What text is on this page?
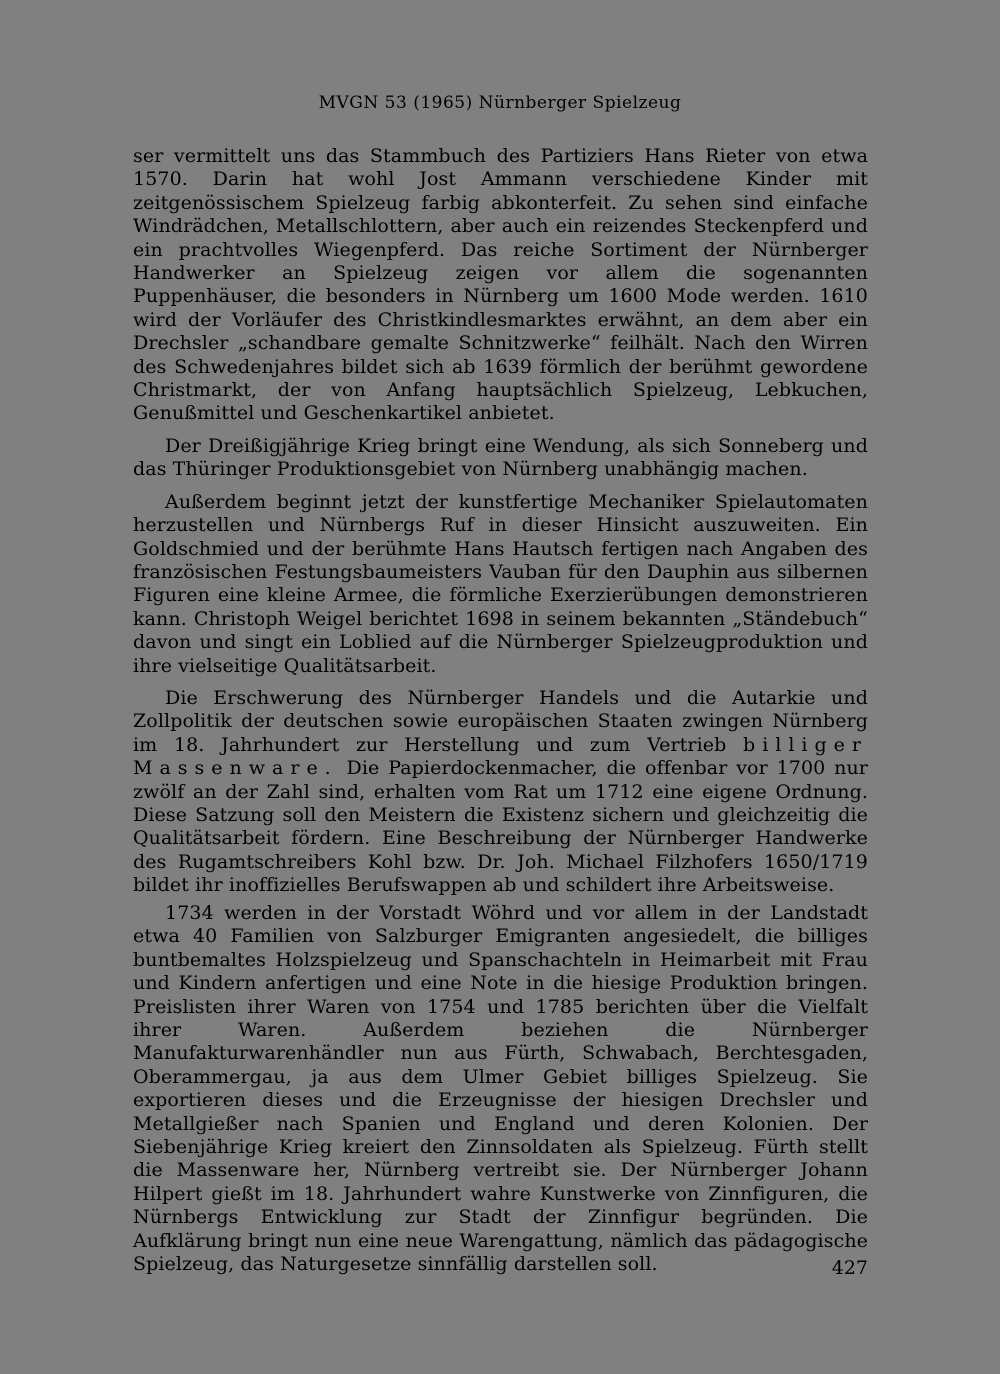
MVGN 53 (1965) Nürnberger Spielzeug

ser vermittelt uns das Stammbuch des Partiziers Hans Rieter von etwa 1570. Darin hat wohl Jost Ammann verschiedene Kinder mit zeitgenössischem Spielzeug farbig abkonterfeit. Zu sehen sind einfache Windrädchen, Metallschlottern, aber auch ein reizendes Steckenpferd und ein prachtvolles Wiegenpferd. Das reiche Sortiment der Nürnberger Handwerker an Spielzeug zeigen vor allem die sogenannten Puppenhäuser, die besonders in Nürnberg um 1600 Mode werden. 1610 wird der Vorläufer des Christkindlesmarktes erwähnt, an dem aber ein Drechsler „schandbare gemalte Schnitzwerke“ feilhält. Nach den Wirren des Schwedenjahres bildet sich ab 1639 förmlich der berühmt gewordene Christmarkt, der von Anfang hauptsächlich Spielzeug, Lebkuchen, Genußmittel und Geschenkartikel anbietet.

Der Dreißigjährige Krieg bringt eine Wendung, als sich Sonneberg und das Thüringer Produktionsgebiet von Nürnberg unabhängig machen.

Außerdem beginnt jetzt der kunstfertige Mechaniker Spielautomaten herzustellen und Nürnbergs Ruf in dieser Hinsicht auszuweiten. Ein Goldschmied und der berühmte Hans Hautsch fertigen nach Angaben des französischen Festungsbaumeisters Vauban für den Dauphin aus silbernen Figuren eine kleine Armee, die förmliche Exerzierübungen demonstrieren kann. Christoph Weigel berichtet 1698 in seinem bekannten „Ständebuch“ davon und singt ein Loblied auf die Nürnberger Spielzeugproduktion und ihre vielseitige Qualitätsarbeit.

Die Erschwerung des Nürnberger Handels und die Autarkie und Zollpolitik der deutschen sowie europäischen Staaten zwingen Nürnberg im 18. Jahrhundert zur Herstellung und zum Vertrieb billiger Massenware. Die Papierdockenmacher, die offenbar vor 1700 nur zwölf an der Zahl sind, erhalten vom Rat um 1712 eine eigene Ordnung. Diese Satzung soll den Meistern die Existenz sichern und gleichzeitig die Qualitätsarbeit fördern. Eine Beschreibung der Nürnberger Handwerke des Rugamtschreibers Kohl bzw. Dr. Joh. Michael Filzhofers 1650/1719 bildet ihr inoffizielles Berufswappen ab und schildert ihre Arbeitsweise.

1734 werden in der Vorstadt Wöhrd und vor allem in der Landstadt etwa 40 Familien von Salzburger Emigranten angesiedelt, die billiges buntbemaltes Holzspielzeug und Spanschachteln in Heimarbeit mit Frau und Kindern anfertigen und eine Note in die hiesige Produktion bringen. Preislisten ihrer Waren von 1754 und 1785 berichten über die Vielfalt ihrer Waren. Außerdem beziehen die Nürnberger Manufakturwarenhändler nun aus Fürth, Schwabach, Berchtesgaden, Oberammergau, ja aus dem Ulmer Gebiet billiges Spielzeug. Sie exportieren dieses und die Erzeugnisse der hiesigen Drechsler und Metallgießer nach Spanien und England und deren Kolonien. Der Siebenjährige Krieg kreiert den Zinnsoldaten als Spielzeug. Fürth stellt die Massenware her, Nürnberg vertreibt sie. Der Nürnberger Johann Hilpert gießt im 18. Jahrhundert wahre Kunstwerke von Zinnfiguren, die Nürnbergs Entwicklung zur Stadt der Zinnfigur begründen. Die Aufklärung bringt nun eine neue Warengattung, nämlich das pädagogische Spielzeug, das Naturgesetze sinnfällig darstellen soll.	427
